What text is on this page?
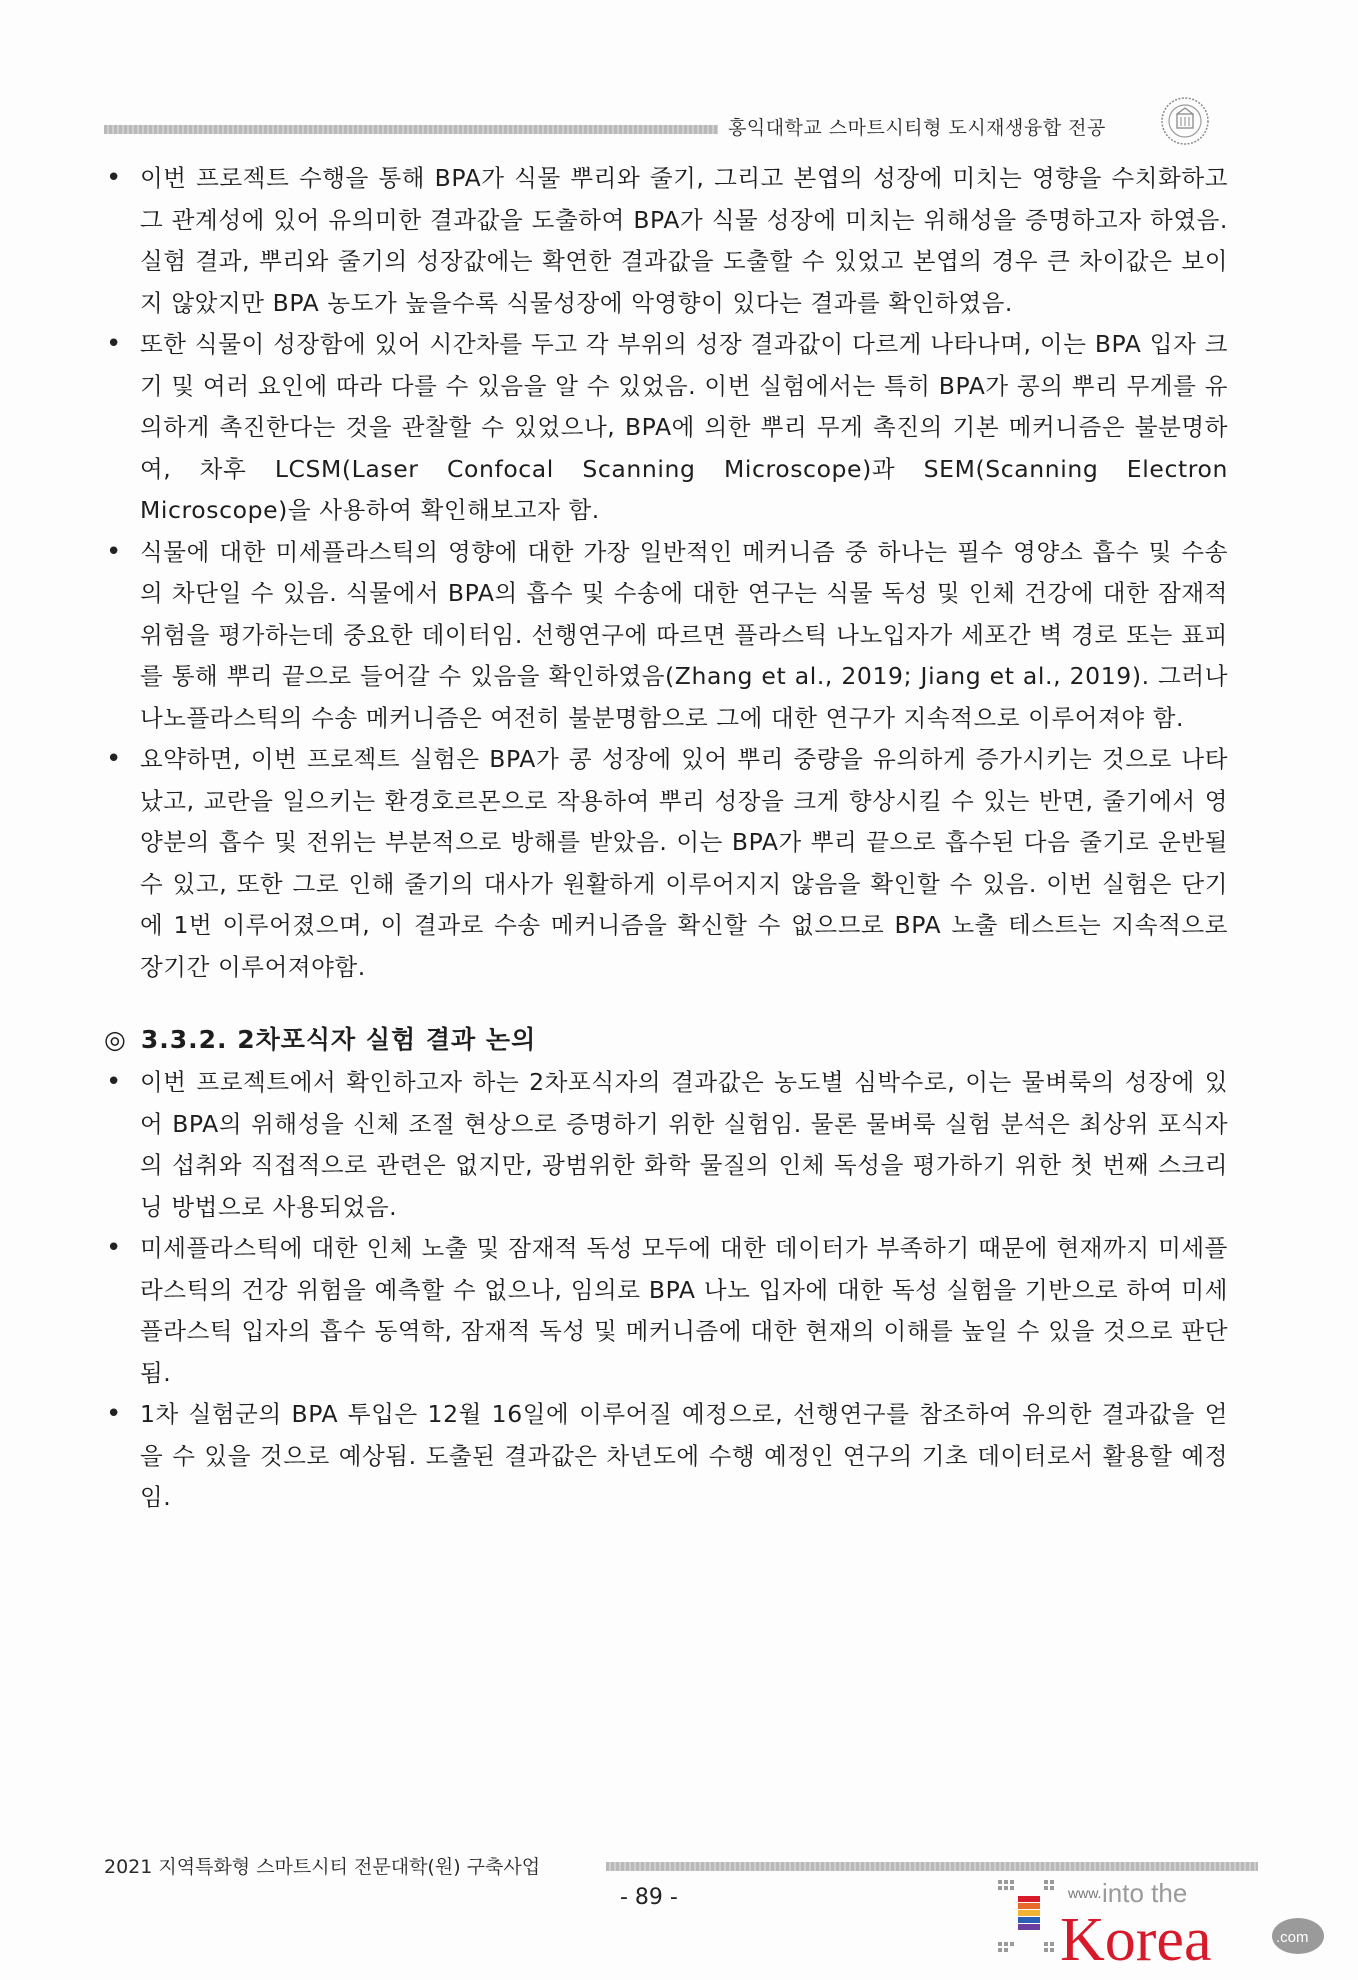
홍익대학교 스마트시티형 도시재생융합 전공

• 이번 프로젝트 수행을 통해 BPA가 식물 뿌리와 줄기, 그리고 본엽의 성장에 미치는 영향을 수치화하고 그 관계성에 있어 유의미한 결과값을 도출하여 BPA가 식물 성장에 미치는 위해성을 증명하고자 하였음. 실험 결과, 뿌리와 줄기의 성장값에는 확연한 결과값을 도출할 수 있었고 본엽의 경우 큰 차이값은 보이지 않았지만 BPA 농도가 높을수록 식물성장에 악영향이 있다는 결과를 확인하였음.

• 또한 식물이 성장함에 있어 시간차를 두고 각 부위의 성장 결과값이 다르게 나타나며, 이는 BPA 입자 크기 및 여러 요인에 따라 다를 수 있음을 알 수 있었음. 이번 실험에서는 특히 BPA가 콩의 뿌리 무게를 유의하게 촉진한다는 것을 관찰할 수 있었으나, BPA에 의한 뿌리 무게 촉진의 기본 메커니즘은 불분명하여, 차후 LCSM(Laser Confocal Scanning Microscope)과 SEM(Scanning Electron Microscope)을 사용하여 확인해보고자 함.

• 식물에 대한 미세플라스틱의 영향에 대한 가장 일반적인 메커니즘 중 하나는 필수 영양소 흡수 및 수송의 차단일 수 있음. 식물에서 BPA의 흡수 및 수송에 대한 연구는 식물 독성 및 인체 건강에 대한 잠재적 위험을 평가하는데 중요한 데이터임. 선행연구에 따르면 플라스틱 나노입자가 세포간 벽 경로 또는 표피를 통해 뿌리 끝으로 들어갈 수 있음을 확인하였음(Zhang et al., 2019; Jiang et al., 2019). 그러나 나노플라스틱의 수송 메커니즘은 여전히 불분명함으로 그에 대한 연구가 지속적으로 이루어져야 함.

• 요약하면, 이번 프로젝트 실험은 BPA가 콩 성장에 있어 뿌리 중량을 유의하게 증가시키는 것으로 나타났고, 교란을 일으키는 환경호르몬으로 작용하여 뿌리 성장을 크게 향상시킬 수 있는 반면, 줄기에서 영양분의 흡수 및 전위는 부분적으로 방해를 받았음. 이는 BPA가 뿌리 끝으로 흡수된 다음 줄기로 운반될 수 있고, 또한 그로 인해 줄기의 대사가 원활하게 이루어지지 않음을 확인할 수 있음. 이번 실험은 단기에 1번 이루어졌으며, 이 결과로 수송 메커니즘을 확신할 수 없으므로 BPA 노출 테스트는 지속적으로 장기간 이루어져야함.

◎ 3.3.2. 2차포식자 실험 결과 논의

• 이번 프로젝트에서 확인하고자 하는 2차포식자의 결과값은 농도별 심박수로, 이는 물벼룩의 성장에 있어 BPA의 위해성을 신체 조절 현상으로 증명하기 위한 실험임. 물론 물벼룩 실험 분석은 최상위 포식자의 섭취와 직접적으로 관련은 없지만, 광범위한 화학 물질의 인체 독성을 평가하기 위한 첫 번째 스크리닝 방법으로 사용되었음.

• 미세플라스틱에 대한 인체 노출 및 잠재적 독성 모두에 대한 데이터가 부족하기 때문에 현재까지 미세플라스틱의 건강 위험을 예측할 수 없으나, 임의로 BPA 나노 입자에 대한 독성 실험을 기반으로 하여 미세플라스틱 입자의 흡수 동역학, 잠재적 독성 및 메커니즘에 대한 현재의 이해를 높일 수 있을 것으로 판단됨.

• 1차 실험군의 BPA 투입은 12월 16일에 이루어질 예정으로, 선행연구를 참조하여 유의한 결과값을 얻을 수 있을 것으로 예상됨. 도출된 결과값은 차년도에 수행 예정인 연구의 기초 데이터로서 활용할 예정임.

2021 지역특화형 스마트시티 전문대학(원) 구축사업
- 89 -	www. into the
Korea	.com
